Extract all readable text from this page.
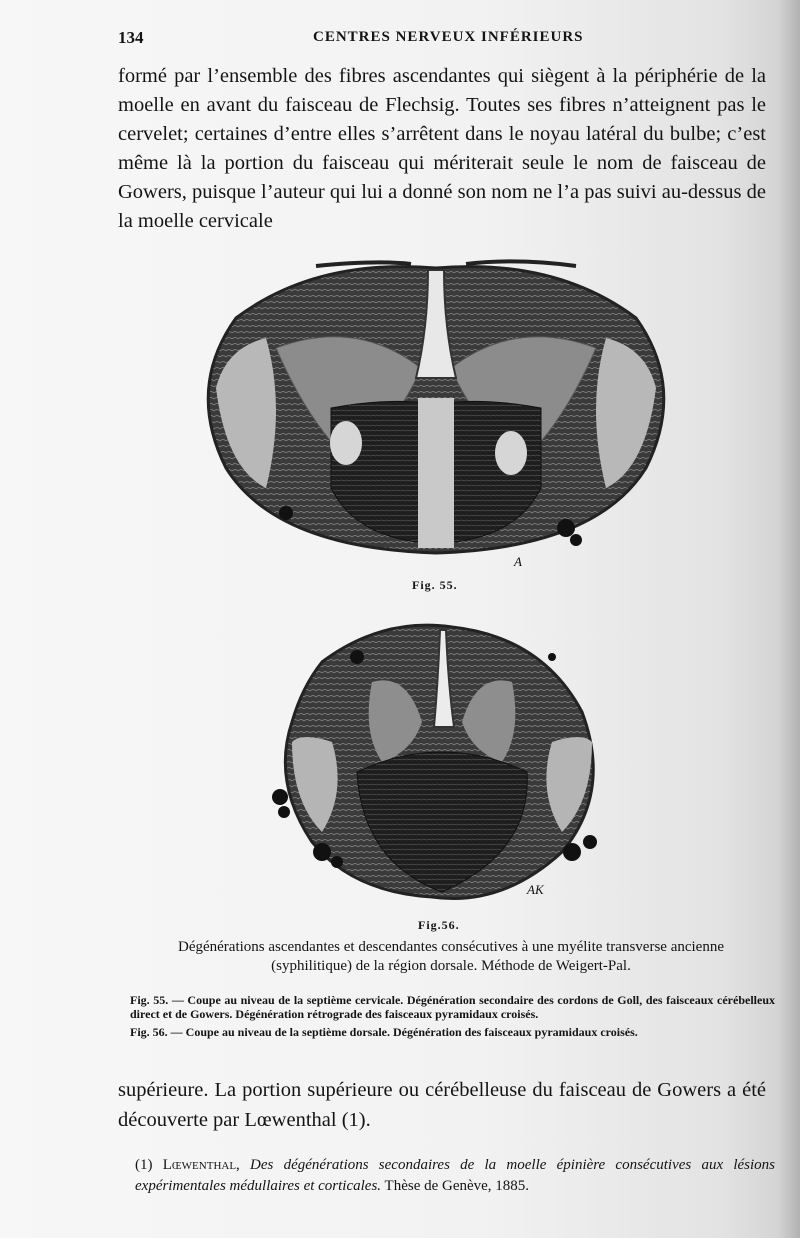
134	CENTRES NERVEUX INFÉRIEURS
formé par l’ensemble des fibres ascendantes qui siègent à la périphérie de la moelle en avant du faisceau de Flechsig. Toutes ses fibres n’atteignent pas le cervelet; certaines d’entre elles s’arrêtent dans le noyau latéral du bulbe; c’est même là la portion du faisceau qui mériterait seule le nom de faisceau de Gowers, puisque l’auteur qui lui a donné son nom ne l’a pas suivi au-dessus de la moelle cervicale
A
Fig. 55.
AK
Fig.56.
Dégénérations ascendantes et descendantes consécutives à une myélite transverse ancienne (syphilitique) de la région dorsale. Méthode de Weigert-Pal.

Fig. 55. — Coupe au niveau de la septième cervicale. Dégénération secondaire des cordons de Goll, des faisceaux cérébelleux direct et de Gowers. Dégénération rétrograde des faisceaux pyramidaux croisés.

Fig. 56. — Coupe au niveau de la septième dorsale. Dégénération des faisceaux pyramidaux croisés.

supérieure. La portion supérieure ou cérébelleuse du faisceau de Gowers a été découverte par Lœwenthal (1).
(1) Lœwenthal, Des dégénérations secondaires de la moelle épinière consécutives aux lésions expérimentales médullaires et corticales. Thèse de Genève, 1885.
